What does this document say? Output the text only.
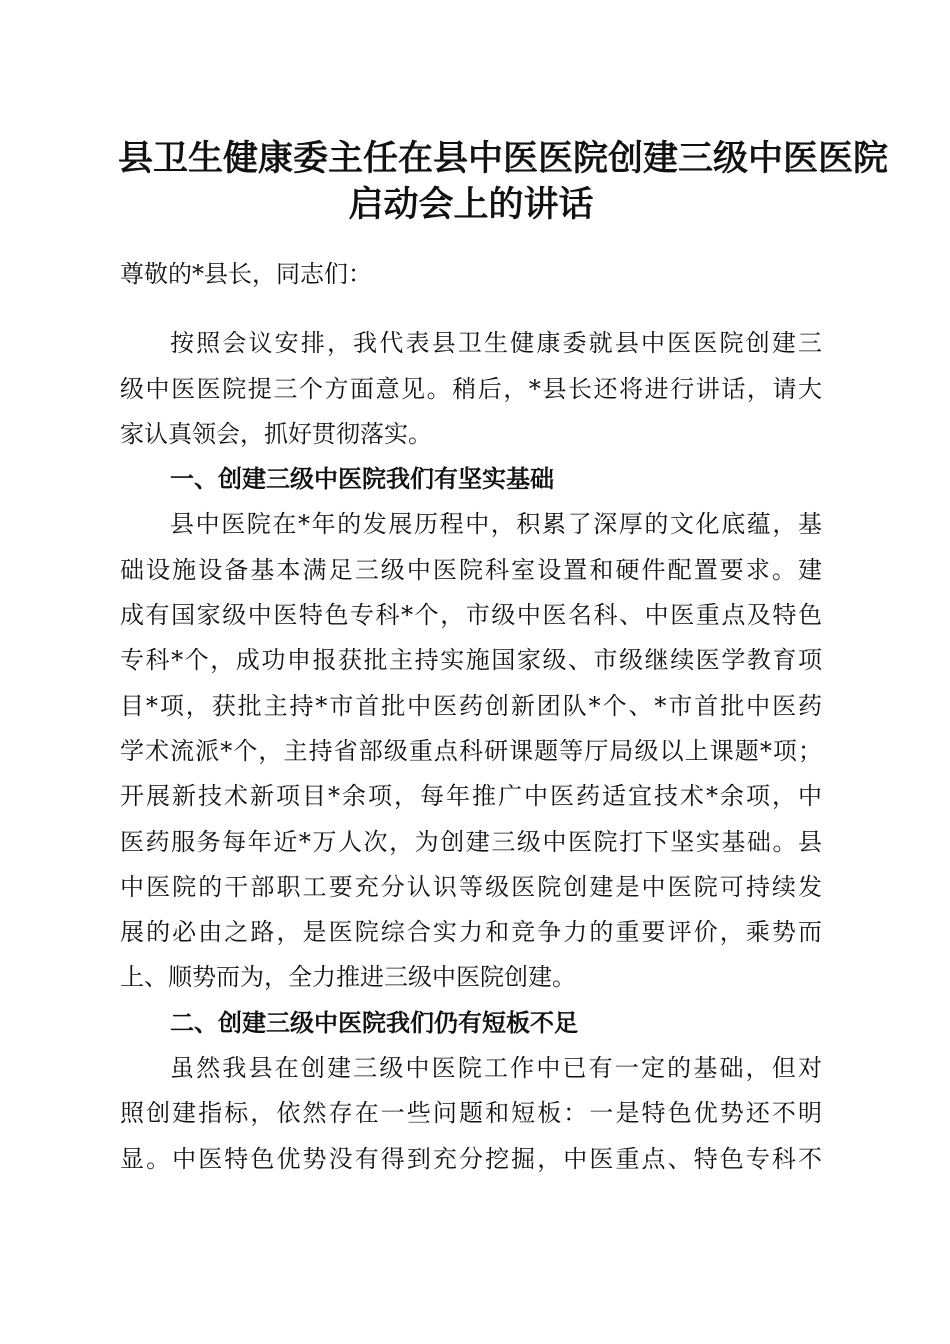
县卫生健康委主任在县中医医院创建三级中医医院
启动会上的讲话
尊敬的*县长，同志们：
按照会议安排，我代表县卫生健康委就县中医医院创建三
级中医医院提三个方面意见。稍后，*县长还将进行讲话，请大
家认真领会，抓好贯彻落实。
一、创建三级中医院我们有坚实基础
县中医院在*年的发展历程中，积累了深厚的文化底蕴，基
础设施设备基本满足三级中医院科室设置和硬件配置要求。建
成有国家级中医特色专科*个，市级中医名科、中医重点及特色
专科*个，成功申报获批主持实施国家级、市级继续医学教育项
目*项，获批主持*市首批中医药创新团队*个、*市首批中医药
学术流派*个，主持省部级重点科研课题等厅局级以上课题*项；
开展新技术新项目*余项，每年推广中医药适宜技术*余项，中
医药服务每年近*万人次，为创建三级中医院打下坚实基础。县
中医院的干部职工要充分认识等级医院创建是中医院可持续发
展的必由之路，是医院综合实力和竞争力的重要评价，乘势而
上、顺势而为，全力推进三级中医院创建。
二、创建三级中医院我们仍有短板不足
虽然我县在创建三级中医院工作中已有一定的基础，但对
照创建指标，依然存在一些问题和短板：一是特色优势还不明
显。中医特色优势没有得到充分挖掘，中医重点、特色专科不
